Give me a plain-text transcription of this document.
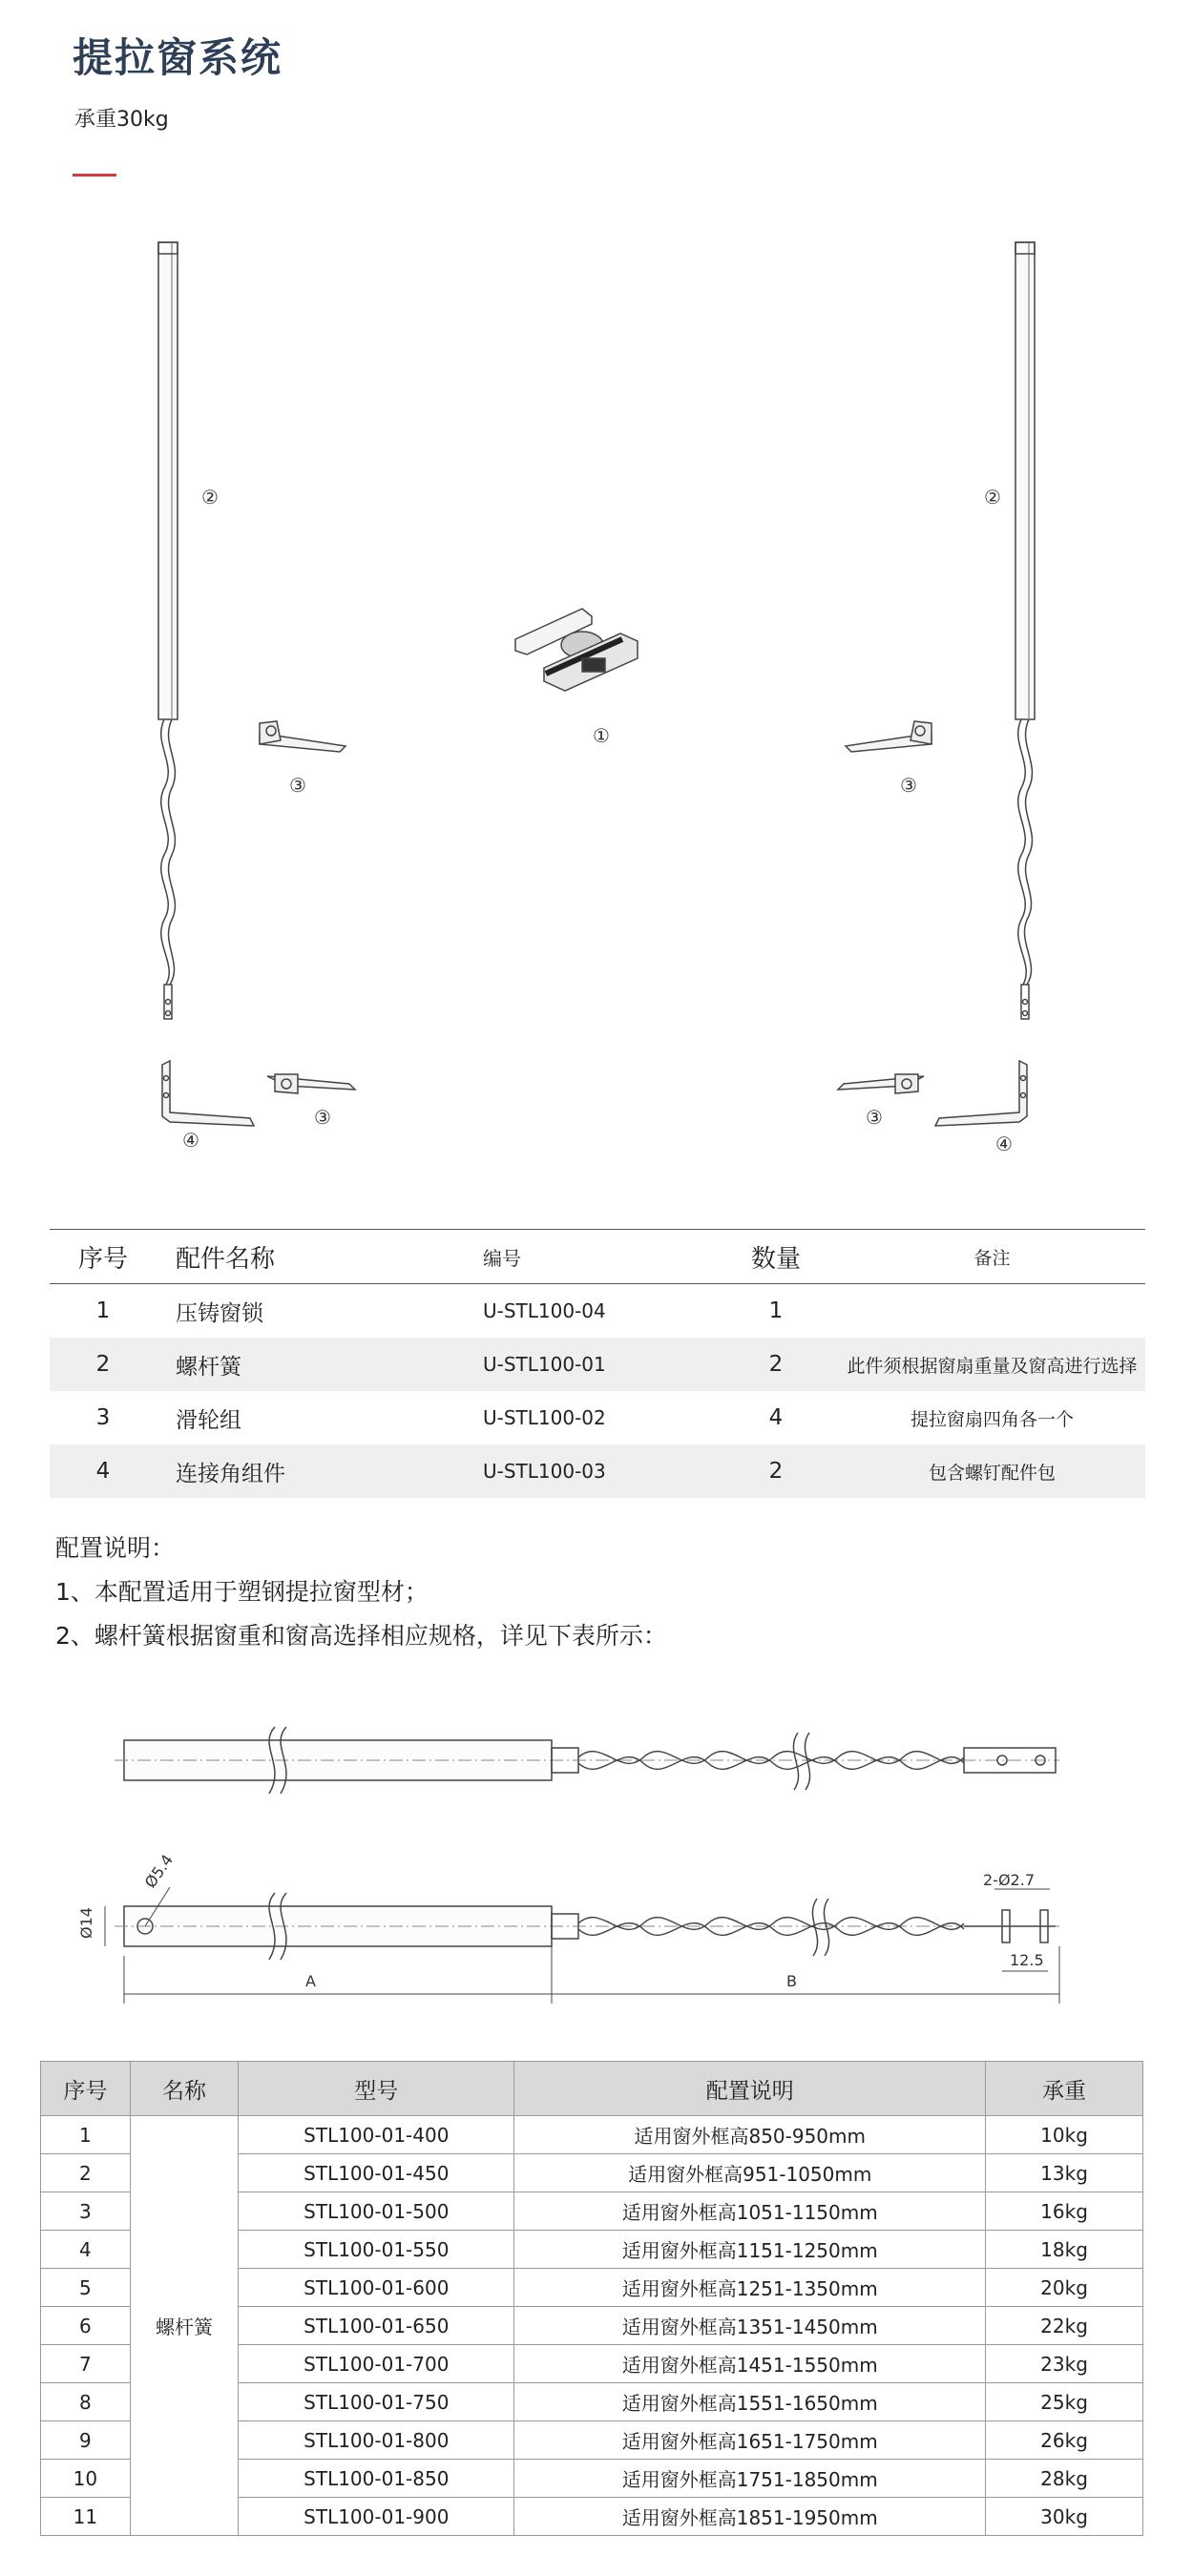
提拉窗系统
承重30kg
②	②
①
③	③
③	③
④	④
序号	配件名称	编号	数量	备注
1	压铸窗锁	U-STL100-04	1	
2	螺杆簧	U-STL100-01	2	此件须根据窗扇重量及窗高进行选择
3	滑轮组	U-STL100-02	4	提拉窗扇四角各一个
4	连接角组件	U-STL100-03	2	包含螺钉配件包
配置说明：
1、本配置适用于塑钢提拉窗型材；
2、螺杆簧根据窗重和窗高选择相应规格，详见下表所示：
Ø14
Ø5.4
A	B
2-Ø2.7
12.5
序号	名称	型号	配置说明	承重
1	螺杆簧	STL100-01-400	适用窗外框高850-950mm	10kg
2		STL100-01-450	适用窗外框高951-1050mm	13kg
3		STL100-01-500	适用窗外框高1051-1150mm	16kg
4		STL100-01-550	适用窗外框高1151-1250mm	18kg
5		STL100-01-600	适用窗外框高1251-1350mm	20kg
6		STL100-01-650	适用窗外框高1351-1450mm	22kg
7		STL100-01-700	适用窗外框高1451-1550mm	23kg
8		STL100-01-750	适用窗外框高1551-1650mm	25kg
9		STL100-01-800	适用窗外框高1651-1750mm	26kg
10		STL100-01-850	适用窗外框高1751-1850mm	28kg
11		STL100-01-900	适用窗外框高1851-1950mm	30kg
